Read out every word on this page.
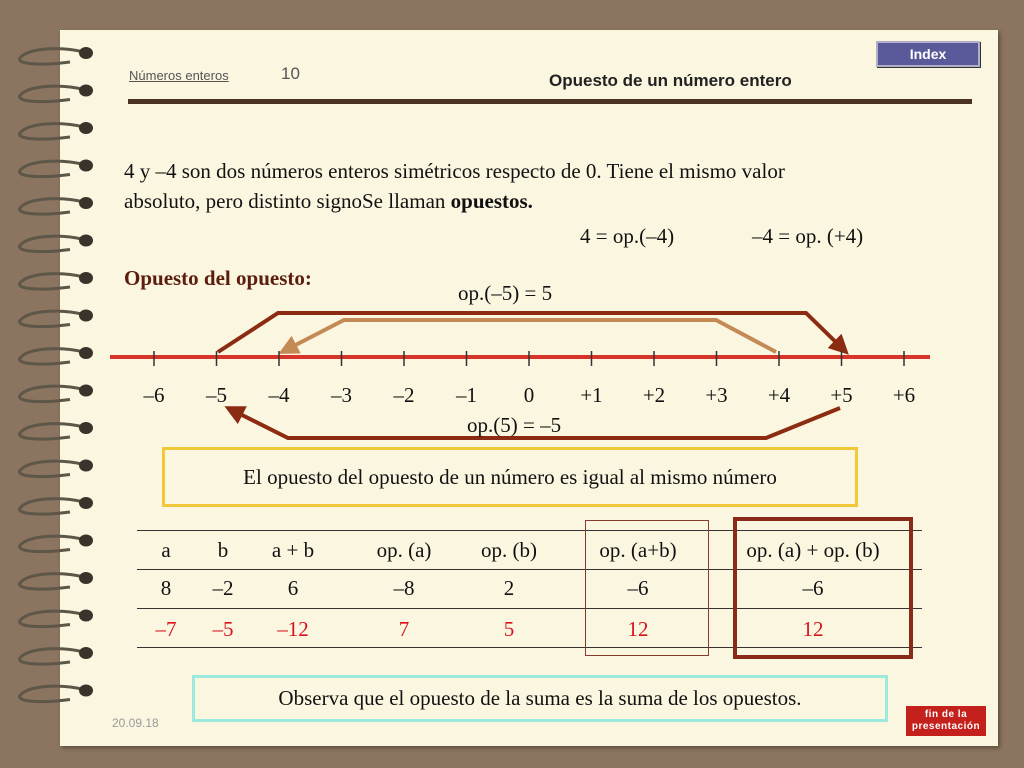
Números enteros	10	Opuesto de un número entero
Index
4 y –4 son dos números enteros simétricos respecto de 0. Tiene el mismo valor
absoluto, pero distinto signoSe llaman opuestos.
4 = op.(–4)	–4 = op. (+4)
Opuesto del opuesto:
–6 –5 –4 –3 –2 –1 0 +1 +2 +3 +4 +5 +6
op.(–5) = 5
op.(5) = –5
El opuesto del opuesto de un número es igual al mismo número
a	b	a + b	op. (a)	op. (b)	op. (a+b)	op. (a) + op. (b)
8	–2	6	–8	2	–6	–6
–7	–5	–12	7	5	12	12
Observa que el opuesto de la suma es la suma de los opuestos.
20.09.18
fin de la
presentación
